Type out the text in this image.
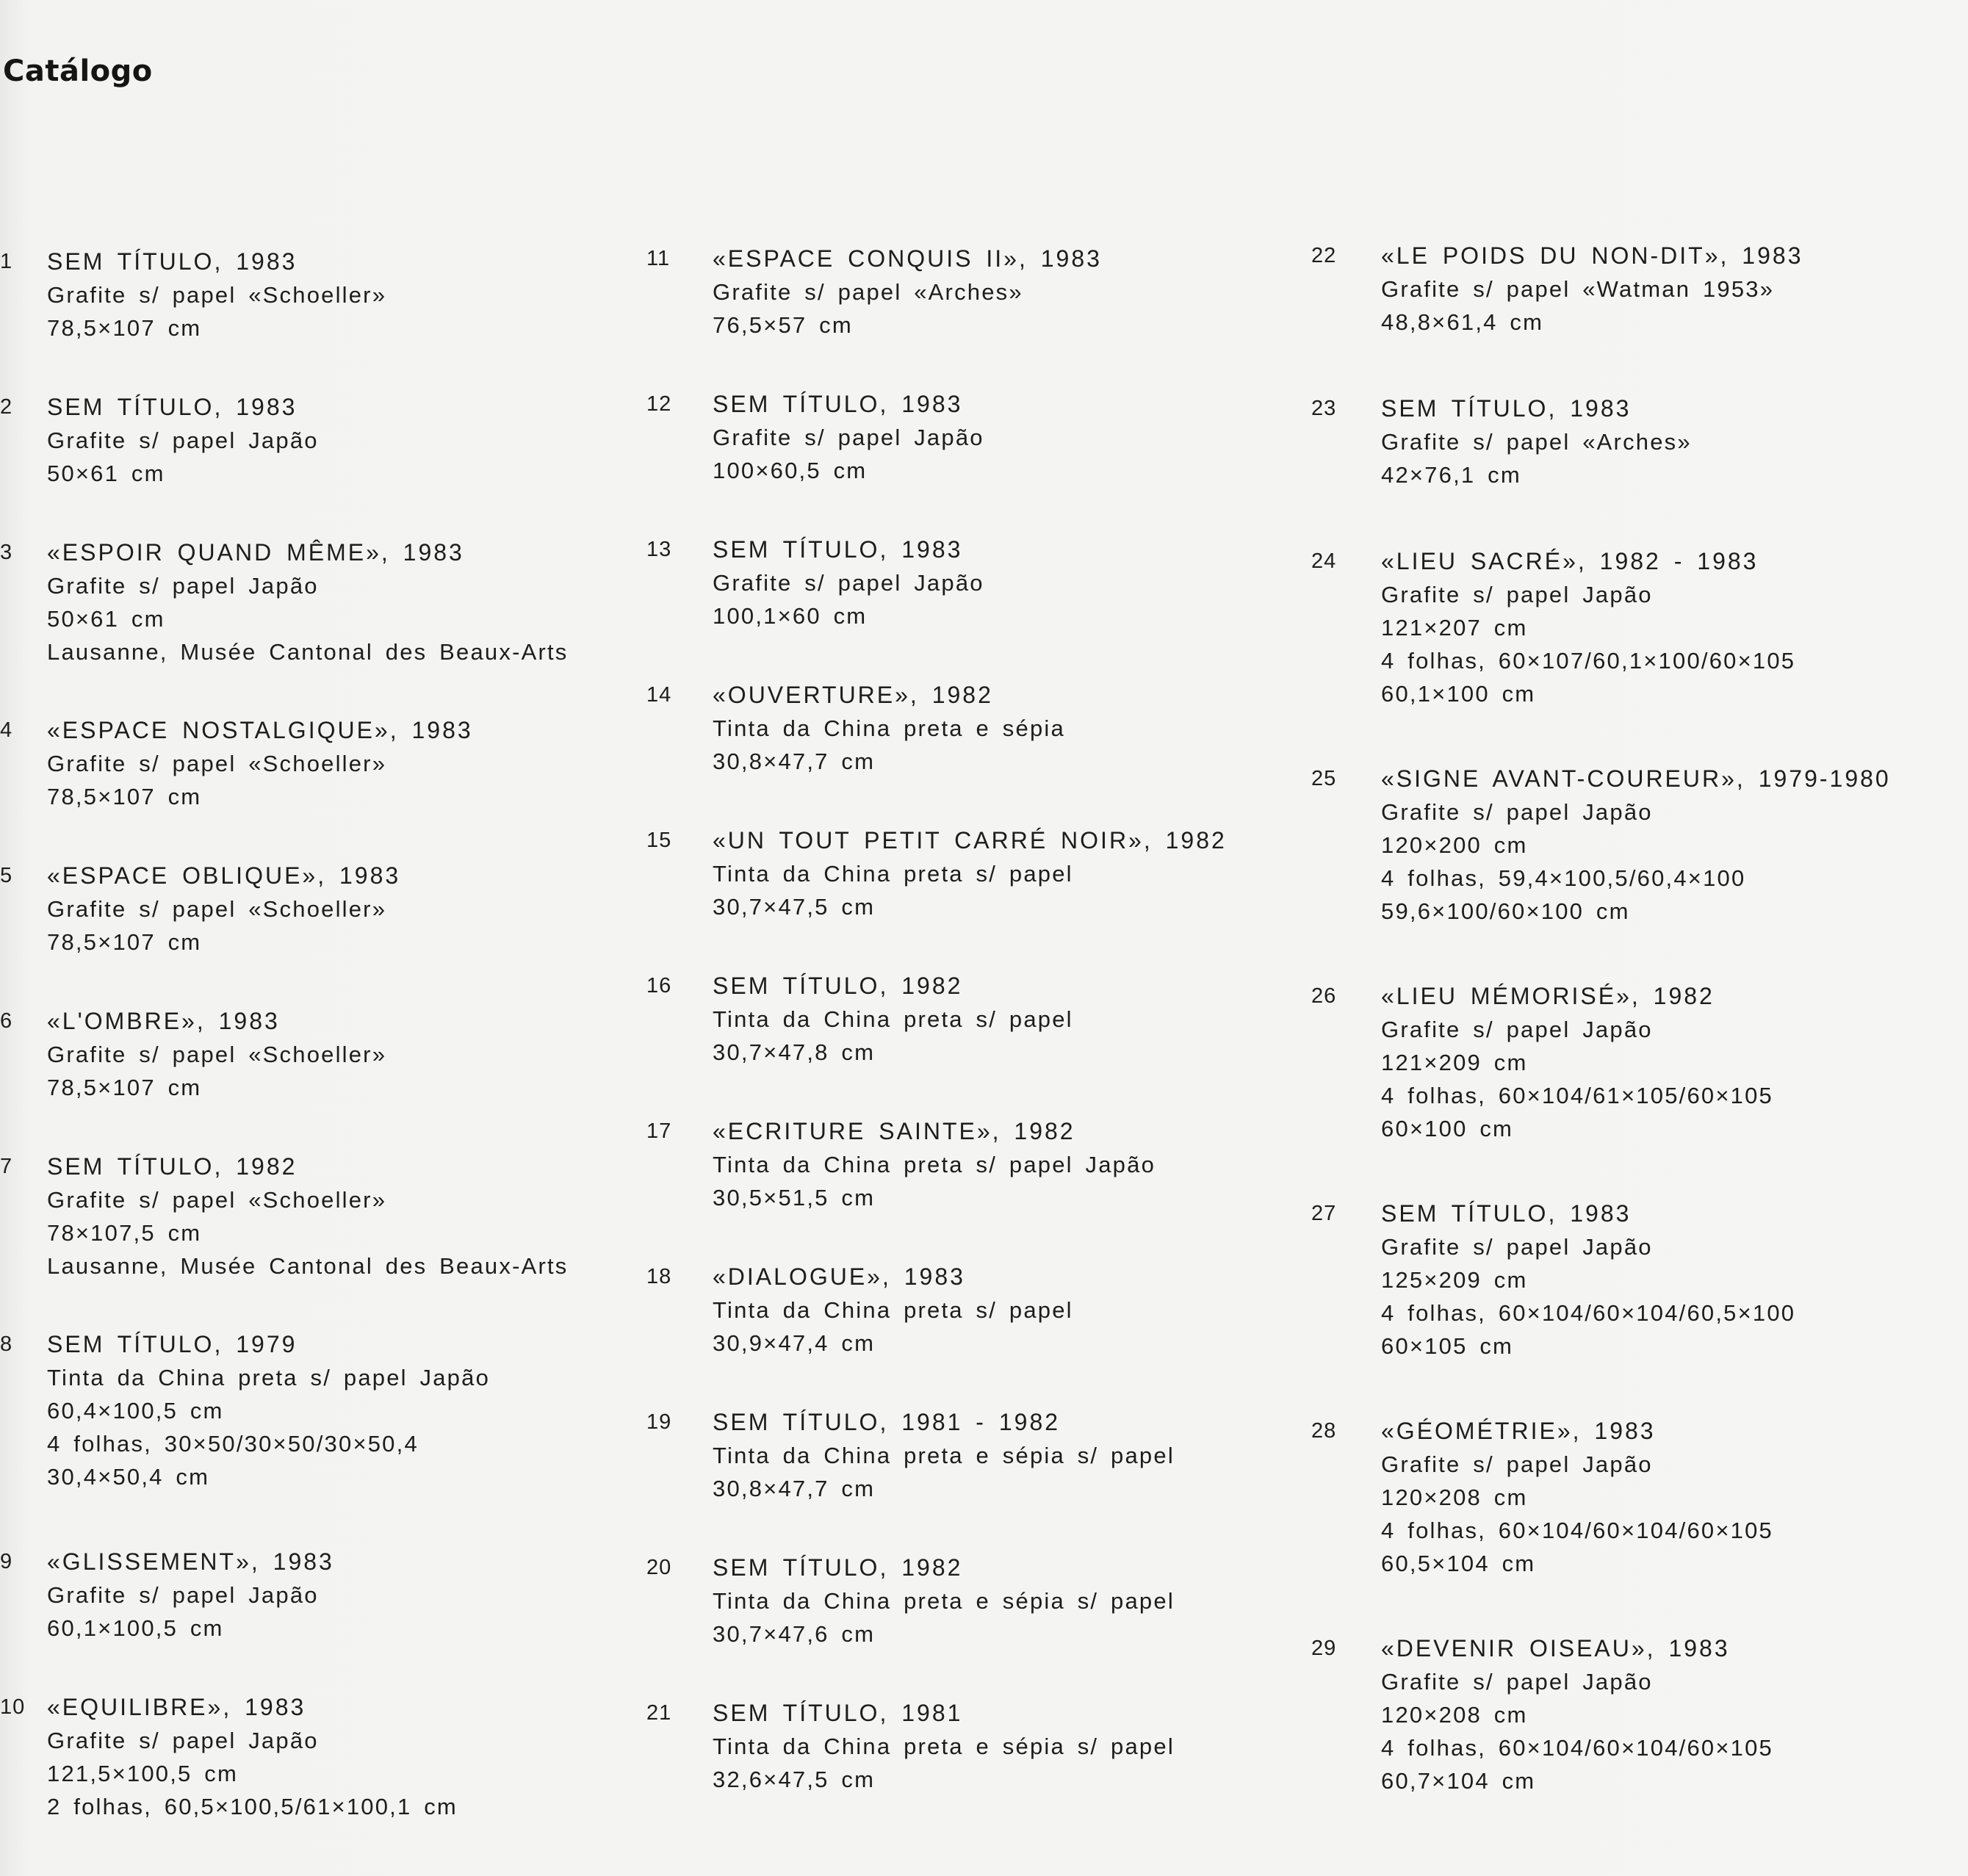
Catálogo
1	SEM TÍTULO, 1983
Grafite s/ papel «Schoeller»
78,5×107 cm
2	SEM TÍTULO, 1983
Grafite s/ papel Japão
50×61 cm
3	«ESPOIR QUAND MÊME», 1983
Grafite s/ papel Japão
50×61 cm
Lausanne, Musée Cantonal des Beaux-Arts
4	«ESPACE NOSTALGIQUE», 1983
Grafite s/ papel «Schoeller»
78,5×107 cm
5	«ESPACE OBLIQUE», 1983
Grafite s/ papel «Schoeller»
78,5×107 cm
6	«L'OMBRE», 1983
Grafite s/ papel «Schoeller»
78,5×107 cm
7	SEM TÍTULO, 1982
Grafite s/ papel «Schoeller»
78×107,5 cm
Lausanne, Musée Cantonal des Beaux-Arts
8	SEM TÍTULO, 1979
Tinta da China preta s/ papel Japão
60,4×100,5 cm
4 folhas, 30×50/30×50/30×50,4
30,4×50,4 cm
9	«GLISSEMENT», 1983
Grafite s/ papel Japão
60,1×100,5 cm
10 «EQUILIBRE», 1983
Grafite s/ papel Japão
121,5×100,5 cm
2 folhas, 60,5×100,5/61×100,1 cm
11	«ESPACE CONQUIS II», 1983
Grafite s/ papel «Arches»
76,5×57 cm
12	SEM TÍTULO, 1983
Grafite s/ papel Japão
100×60,5 cm
13	SEM TÍTULO, 1983
Grafite s/ papel Japão
100,1×60 cm
14	«OUVERTURE», 1982
Tinta da China preta e sépia
30,8×47,7 cm
15	«UN TOUT PETIT CARRÉ NOIR», 1982
Tinta da China preta s/ papel
30,7×47,5 cm
16	SEM TÍTULO, 1982
Tinta da China preta s/ papel
30,7×47,8 cm
17	«ECRITURE SAINTE», 1982
Tinta da China preta s/ papel Japão
30,5×51,5 cm
18	«DIALOGUE», 1983
Tinta da China preta s/ papel
30,9×47,4 cm
19	SEM TÍTULO, 1981 - 1982
Tinta da China preta e sépia s/ papel
30,8×47,7 cm
20	SEM TÍTULO, 1982
Tinta da China preta e sépia s/ papel
30,7×47,6 cm
21	SEM TÍTULO, 1981
Tinta da China preta e sépia s/ papel
32,6×47,5 cm
22	«LE POIDS DU NON-DIT», 1983
Grafite s/ papel «Watman 1953»
48,8×61,4 cm
23	SEM TÍTULO, 1983
Grafite s/ papel «Arches»
42×76,1 cm
24	«LIEU SACRÉ», 1982 - 1983
Grafite s/ papel Japão
121×207 cm
4 folhas, 60×107/60,1×100/60×105
60,1×100 cm
25	«SIGNE AVANT-COUREUR», 1979-1980
Grafite s/ papel Japão
120×200 cm
4 folhas, 59,4×100,5/60,4×100
59,6×100/60×100 cm
26	«LIEU MÉMORISÉ», 1982
Grafite s/ papel Japão
121×209 cm
4 folhas, 60×104/61×105/60×105
60×100 cm
27	SEM TÍTULO, 1983
Grafite s/ papel Japão
125×209 cm
4 folhas, 60×104/60×104/60,5×100
60×105 cm
28	«GÉOMÉTRIE», 1983
Grafite s/ papel Japão
120×208 cm
4 folhas, 60×104/60×104/60×105
60,5×104 cm
29	«DEVENIR OISEAU», 1983
Grafite s/ papel Japão
120×208 cm
4 folhas, 60×104/60×104/60×105
60,7×104 cm
